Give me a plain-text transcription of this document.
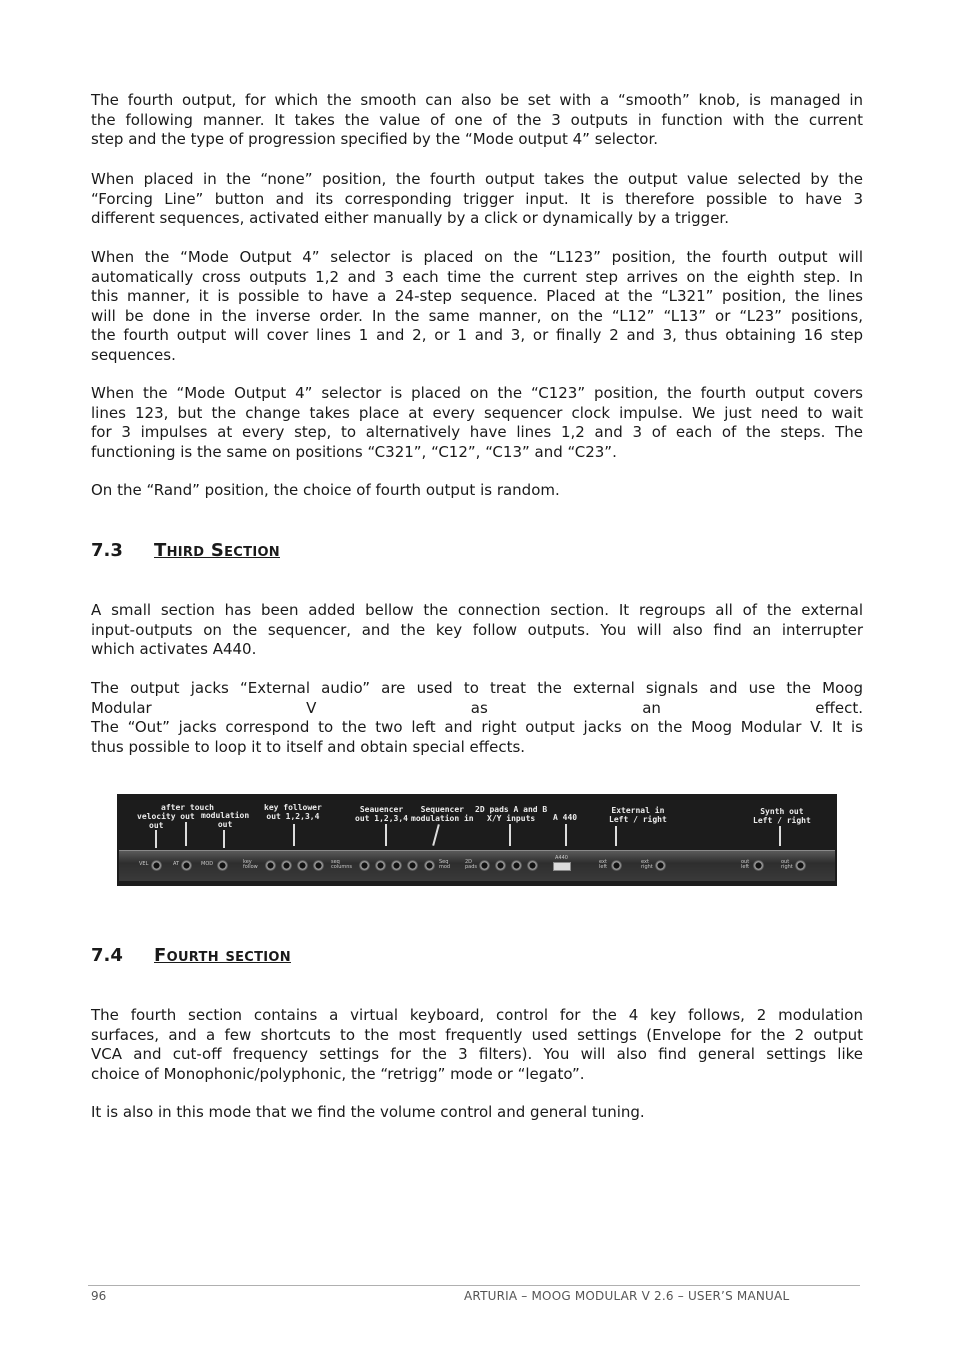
The fourth output, for which the smooth can also be set with a “smooth” knob, is managed in
the following manner. It takes the value of one of the 3 outputs in function with the current
step and the type of progression specified by the “Mode output 4” selector.
When placed in the “none” position, the fourth output takes the output value selected by the
“Forcing Line” button and its corresponding trigger input. It is therefore possible to have 3
different sequences, activated either manually by a click or dynamically by a trigger.
When the “Mode Output 4” selector is placed on the “L123” position, the fourth output will
automatically cross outputs 1,2 and 3 each time the current step arrives on the eighth step. In
this manner, it is possible to have a 24-step sequence. Placed at the “L321” position, the lines
will be done in the inverse order. In the same manner, on the “L12” “L13” or “L23” positions,
the fourth output will cover lines 1 and 2, or 1 and 3, or finally 2 and 3, thus obtaining 16 step
sequences.
When the “Mode Output 4” selector is placed on the “C123” position, the fourth output covers
lines 123, but the change takes place at every sequencer clock impulse. We just need to wait
for 3 impulses at every step, to alternatively have lines 1,2 and 3 of each of the steps. The
functioning is the same on positions “C321”, “C12”, “C13” and “C23”.
On the “Rand” position, the choice of fourth output is random.
7.3 Third Section
A small section has been added bellow the connection section. It regroups all of the external
input-outputs on the sequencer, and the key follow outputs. You will also find an interrupter
which activates A440.
The output jacks “External audio” are used to treat the external signals and use the Moog
Modular V as an effect.
The “Out” jacks correspond to the two left and right output jacks on the Moog Modular V. It is
thus possible to loop it to itself and obtain special effects.
velocity
out
after touch
out modulation
out
key follower
out 1,2,3,4
Seauencer
out 1,2,3,4
Sequencer
modulation in
2D pads A and B
X/Y inputs	A 440
External in
Left / right
Synth out
Left / right
VEL	AT	MOD	key
follow
seq
columns
Seq
mod
2D
pads
A440
ext
left
ext
right
out
left
out
right
7.4 Fourth section
The fourth section contains a virtual keyboard, control for the 4 key follows, 2 modulation
surfaces, and a few shortcuts to the most frequently used settings (Envelope for the 2 output
VCA and cut-off frequency settings for the 3 filters). You will also find general settings like
choice of Monophonic/polyphonic, the “retrigg” mode or “legato”.
It is also in this mode that we find the volume control and general tuning.
96	ARTURIA – MOOG MODULAR V 2.6 – USER’S MANUAL
